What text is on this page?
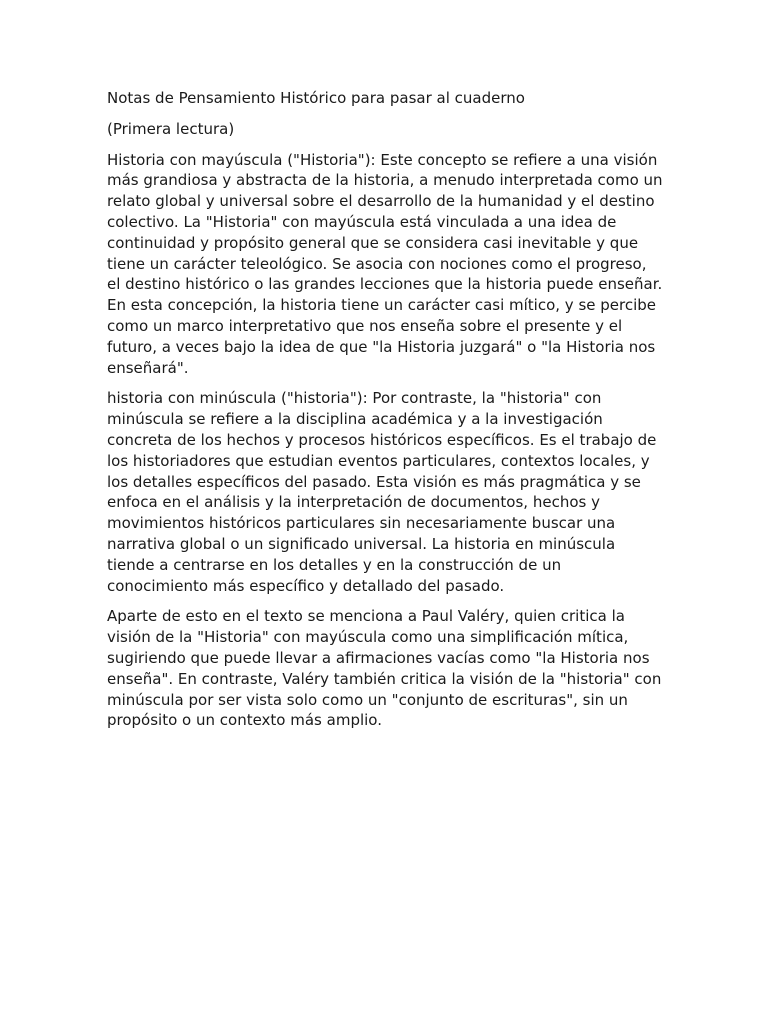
Notas de Pensamiento Histórico para pasar al cuaderno

(Primera lectura)

Historia con mayúscula ("Historia"): Este concepto se refiere a una visión más grandiosa y abstracta de la historia, a menudo interpretada como un relato global y universal sobre el desarrollo de la humanidad y el destino colectivo. La "Historia" con mayúscula está vinculada a una idea de continuidad y propósito general que se considera casi inevitable y que tiene un carácter teleológico. Se asocia con nociones como el progreso, el destino histórico o las grandes lecciones que la historia puede enseñar. En esta concepción, la historia tiene un carácter casi mítico, y se percibe como un marco interpretativo que nos enseña sobre el presente y el futuro, a veces bajo la idea de que "la Historia juzgará" o "la Historia nos enseñará".

historia con minúscula ("historia"): Por contraste, la "historia" con minúscula se refiere a la disciplina académica y a la investigación concreta de los hechos y procesos históricos específicos. Es el trabajo de los historiadores que estudian eventos particulares, contextos locales, y los detalles específicos del pasado. Esta visión es más pragmática y se enfoca en el análisis y la interpretación de documentos, hechos y movimientos históricos particulares sin necesariamente buscar una narrativa global o un significado universal. La historia en minúscula tiende a centrarse en los detalles y en la construcción de un conocimiento más específico y detallado del pasado.

Aparte de esto en el texto se menciona a Paul Valéry, quien critica la visión de la "Historia" con mayúscula como una simplificación mítica, sugiriendo que puede llevar a afirmaciones vacías como "la Historia nos enseña". En contraste, Valéry también critica la visión de la "historia" con minúscula por ser vista solo como un "conjunto de escrituras", sin un propósito o un contexto más amplio.
